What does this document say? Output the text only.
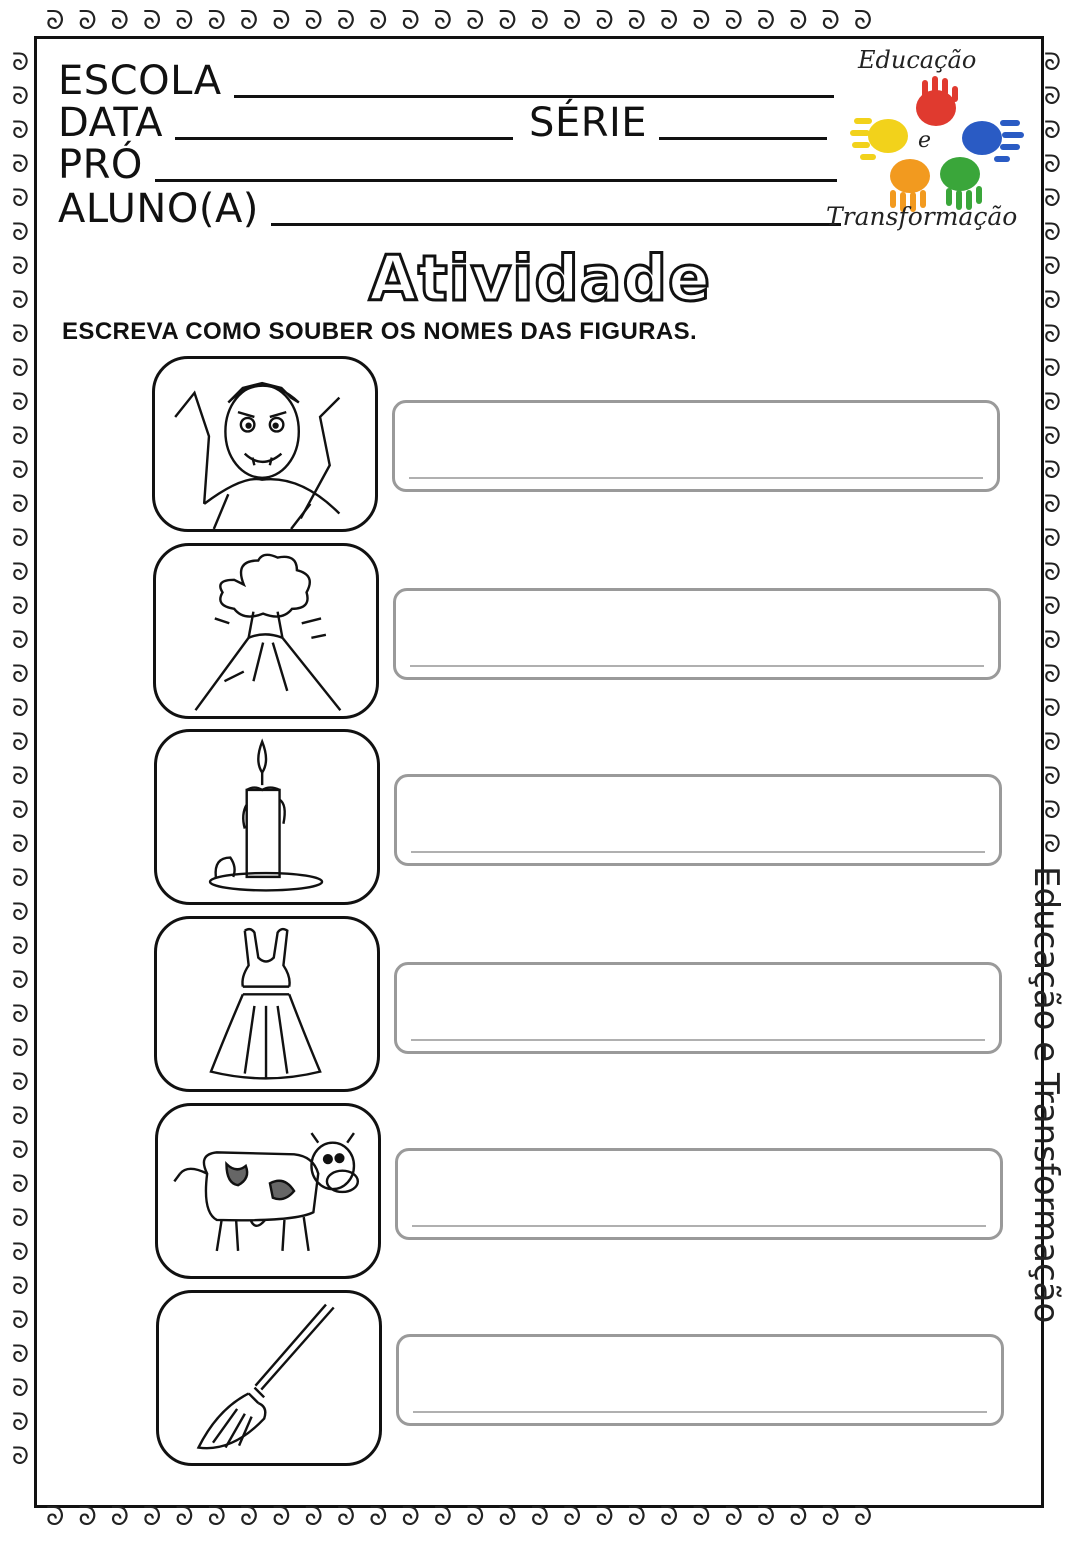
ᘐ ᘐ ᘐ ᘐ ᘐ ᘐ ᘐ ᘐ ᘐ ᘐ ᘐ ᘐ ᘐ ᘐ ᘐ ᘐ ᘐ ᘐ ᘐ ᘐ ᘐ ᘐ ᘐ ᘐ ᘐ ᘐ
ᘐ ᘐ ᘐ ᘐ ᘐ ᘐ ᘐ ᘐ ᘐ ᘐ ᘐ ᘐ ᘐ ᘐ ᘐ ᘐ ᘐ ᘐ ᘐ ᘐ ᘐ ᘐ ᘐ ᘐ ᘐ ᘐ
ᘐ
ᘐ
ᘐ
ᘐ
ᘐ
ᘐ
ᘐ
ᘐ
ᘐ
ᘐ
ᘐ
ᘐ
ᘐ
ᘐ
ᘐ
ᘐ
ᘐ
ᘐ
ᘐ
ᘐ
ᘐ
ᘐ
ᘐ
ᘐ
ᘐ
ᘐ
ᘐ
ᘐ
ᘐ
ᘐ
ᘐ
ᘐ
ᘐ
ᘐ
ᘐ
ᘐ
ᘐ
ᘐ
ᘐ
ᘐ
ᘐ
ᘐ
ᘐ
ᘐ
ᘐ
ᘐ
ᘐ
ᘐ
ᘐ
ᘐ
ᘐ
ᘐ
ᘐ
ᘐ
ᘐ
ᘐ
ᘐ
ᘐ
ᘐ
ᘐ
ᘐ
ᘐ
ᘐ
ᘐ
ᘐ
ᘐ
ESCOLA
DATA	SÉRIE
PRÓ
ALUNO(A)
Educação
e
Transformação
Atividade
ESCREVA COMO SOUBER OS NOMES DAS FIGURAS.
Educação e Transformação
